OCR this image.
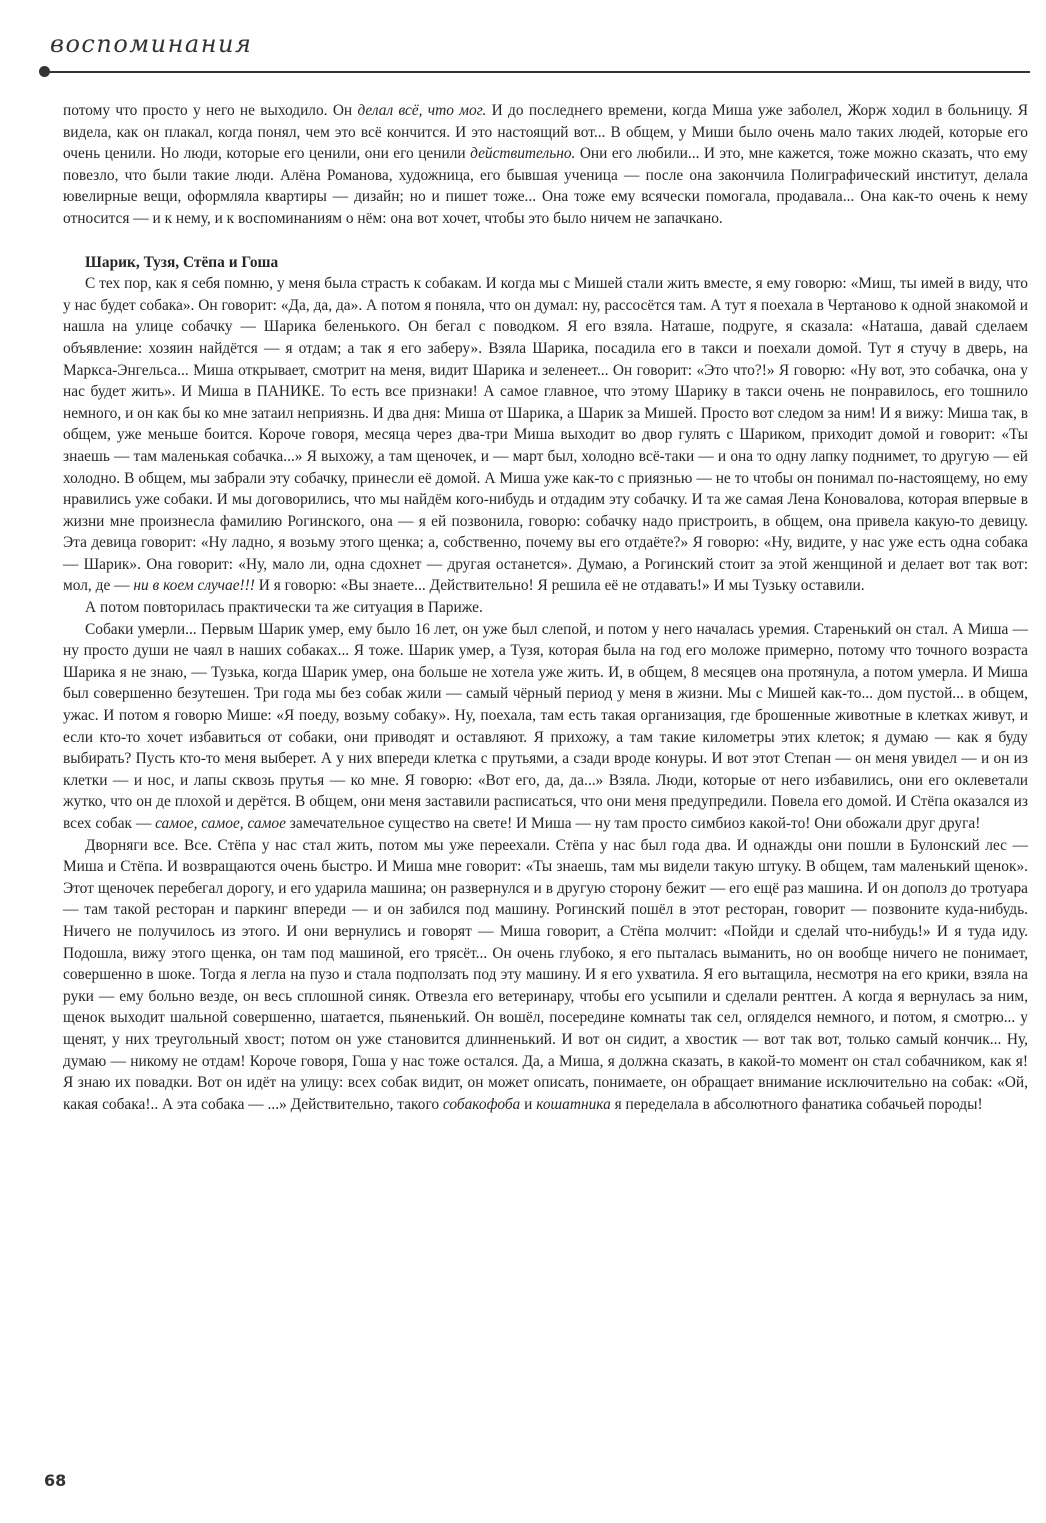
воспоминания

потому что просто у него не выходило. Он делал всё, что мог. И до последнего времени, когда Миша уже заболел, Жорж ходил в больницу. Я видела, как он плакал, когда понял, чем это всё кончится. И это настоящий вот... В общем, у Миши было очень мало таких людей, которые его очень ценили. Но люди, которые его ценили, они его ценили действительно. Они его любили... И это, мне кажется, тоже можно сказать, что ему повезло, что были такие люди. Алёна Романова, художница, его бывшая ученица — после она закончила Полиграфический институт, делала ювелирные вещи, оформляла квартиры — дизайн; но и пишет тоже... Она тоже ему всячески помогала, продавала... Она как-то очень к нему относится — и к нему, и к воспоминаниям о нём: она вот хочет, чтобы это было ничем не запачкано.

Шарик, Тузя, Стёпа и Гоша

С тех пор, как я себя помню, у меня была страсть к собакам. И когда мы с Мишей стали жить вместе, я ему говорю: «Миш, ты имей в виду, что у нас будет собака». Он говорит: «Да, да, да». А потом я поняла, что он думал: ну, рассосётся там. А тут я поехала в Чертаново к одной знакомой и нашла на улице собачку — Шарика беленького. Он бегал с поводком. Я его взяла. Наташе, подруге, я сказала: «Наташа, давай сделаем объявление: хозяин найдётся — я отдам; а так я его заберу». Взяла Шарика, посадила его в такси и поехали домой. Тут я стучу в дверь, на Маркса-Энгельса... Миша открывает, смотрит на меня, видит Шарика и зеленеет... Он говорит: «Это что?!» Я говорю: «Ну вот, это собачка, она у нас будет жить». И Миша в ПАНИКЕ. То есть все признаки! А самое главное, что этому Шарику в такси очень не понравилось, его тошнило немного, и он как бы ко мне затаил неприязнь. И два дня: Миша от Шарика, а Шарик за Мишей. Просто вот следом за ним! И я вижу: Миша так, в общем, уже меньше боится. Короче говоря, месяца через два-три Миша выходит во двор гулять с Шариком, приходит домой и говорит: «Ты знаешь — там маленькая собачка...» Я выхожу, а там щеночек, и — март был, холодно всё-таки — и она то одну лапку поднимет, то другую — ей холодно. В общем, мы забрали эту собачку, принесли её домой. А Миша уже как-то с приязнью — не то чтобы он понимал по-настоящему, но ему нравились уже собаки. И мы договорились, что мы найдём кого-нибудь и отдадим эту собачку. И та же самая Лена Коновалова, которая впервые в жизни мне произнесла фамилию Рогинского, она — я ей позвонила, говорю: собачку надо пристроить, в общем, она привела какую-то девицу. Эта девица говорит: «Ну ладно, я возьму этого щенка; а, собственно, почему вы его отдаёте?» Я говорю: «Ну, видите, у нас уже есть одна собака — Шарик». Она говорит: «Ну, мало ли, одна сдохнет — другая останется». Думаю, а Рогинский стоит за этой женщиной и делает вот так вот: мол, де — ни в коем случае!!! И я говорю: «Вы знаете... Действительно! Я решила её не отдавать!» И мы Тузьку оставили.

А потом повторилась практически та же ситуация в Париже.

Собаки умерли... Первым Шарик умер, ему было 16 лет, он уже был слепой, и потом у него началась уремия. Старенький он стал. А Миша — ну просто души не чаял в наших собаках... Я тоже. Шарик умер, а Тузя, которая была на год его моложе примерно, потому что точного возраста Шарика я не знаю, — Тузька, когда Шарик умер, она больше не хотела уже жить. И, в общем, 8 месяцев она протянула, а потом умерла. И Миша был совершенно безутешен. Три года мы без собак жили — самый чёрный период у меня в жизни. Мы с Мишей как-то... дом пустой... в общем, ужас. И потом я говорю Мише: «Я поеду, возьму собаку». Ну, поехала, там есть такая организация, где брошенные животные в клетках живут, и если кто-то хочет избавиться от собаки, они приводят и оставляют. Я прихожу, а там такие километры этих клеток; я думаю — как я буду выбирать? Пусть кто-то меня выберет. А у них впереди клетка с прутьями, а сзади вроде конуры. И вот этот Степан — он меня увидел — и он из клетки — и нос, и лапы сквозь прутья — ко мне. Я говорю: «Вот его, да, да...» Взяла. Люди, которые от него избавились, они его оклеветали жутко, что он де плохой и дерётся. В общем, они меня заставили расписаться, что они меня предупредили. Повела его домой. И Стёпа оказался из всех собак — самое, самое, самое замечательное существо на свете! И Миша — ну там просто симбиоз какой-то! Они обожали друг друга!

Дворняги все. Все. Стёпа у нас стал жить, потом мы уже переехали. Стёпа у нас был года два. И однажды они пошли в Булонский лес — Миша и Стёпа. И возвращаются очень быстро. И Миша мне говорит: «Ты знаешь, там мы видели такую штуку. В общем, там маленький щенок». Этот щеночек перебегал дорогу, и его ударила машина; он развернулся и в другую сторону бежит — его ещё раз машина. И он дополз до тротуара — там такой ресторан и паркинг впереди — и он забился под машину. Рогинский пошёл в этот ресторан, говорит — позвоните куда-нибудь. Ничего не получилось из этого. И они вернулись и говорят — Миша говорит, а Стёпа молчит: «Пойди и сделай что-нибудь!» И я туда иду. Подошла, вижу этого щенка, он там под машиной, его трясёт... Он очень глубоко, я его пыталась выманить, но он вообще ничего не понимает, совершенно в шоке. Тогда я легла на пузо и стала подползать под эту машину. И я его ухватила. Я его вытащила, несмотря на его крики, взяла на руки — ему больно везде, он весь сплошной синяк. Отвезла его ветеринару, чтобы его усыпили и сделали рентген. А когда я вернулась за ним, щенок выходит шальной совершенно, шатается, пьяненький. Он вошёл, посередине комнаты так сел, огляделся немного, и потом, я смотрю... у щенят, у них треугольный хвост; потом он уже становится длинненький. И вот он сидит, а хвостик — вот так вот, только самый кончик... Ну, думаю — никому не отдам! Короче говоря, Гоша у нас тоже остался. Да, а Миша, я должна сказать, в какой-то момент он стал собачником, как я! Я знаю их повадки. Вот он идёт на улицу: всех собак видит, он может описать, понимаете, он обращает внимание исключительно на собак: «Ой, какая собака!.. А эта собака — ...» Действительно, такого собакофоба и кошатника я переделала в абсолютного фанатика собачьей породы!

68
